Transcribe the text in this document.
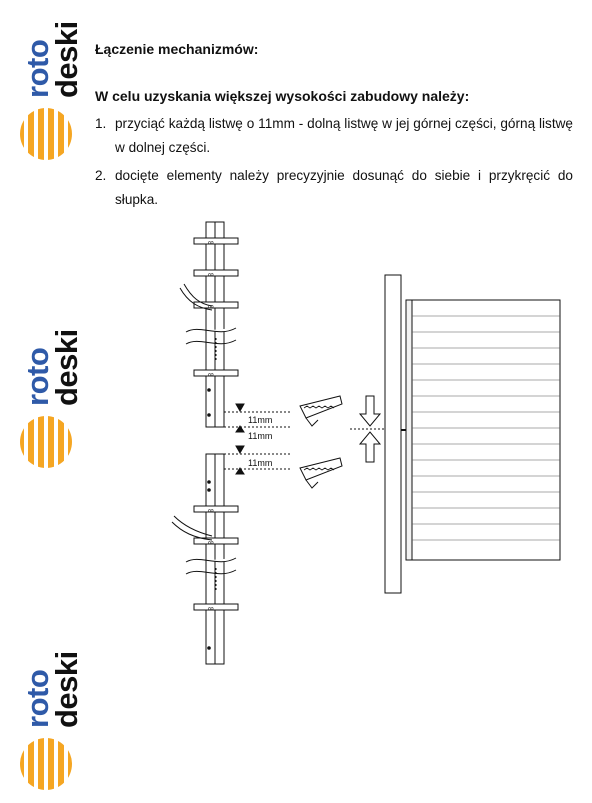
roto
deski
roto
deski
roto
deski
Łączenie mechanizmów:
W celu uzyskania większej wysokości zabudowy należy:
1. przyciąć każdą listwę o 11mm - dolną listwę w jej górnej części, górną listwę w dolnej części.
2. docięte elementy należy precyzyjnie dosunąć do siebie i przykręcić do słupka.
∞
∞
∞
∞
∞
∞
∞
11mm
11mm
11mm
